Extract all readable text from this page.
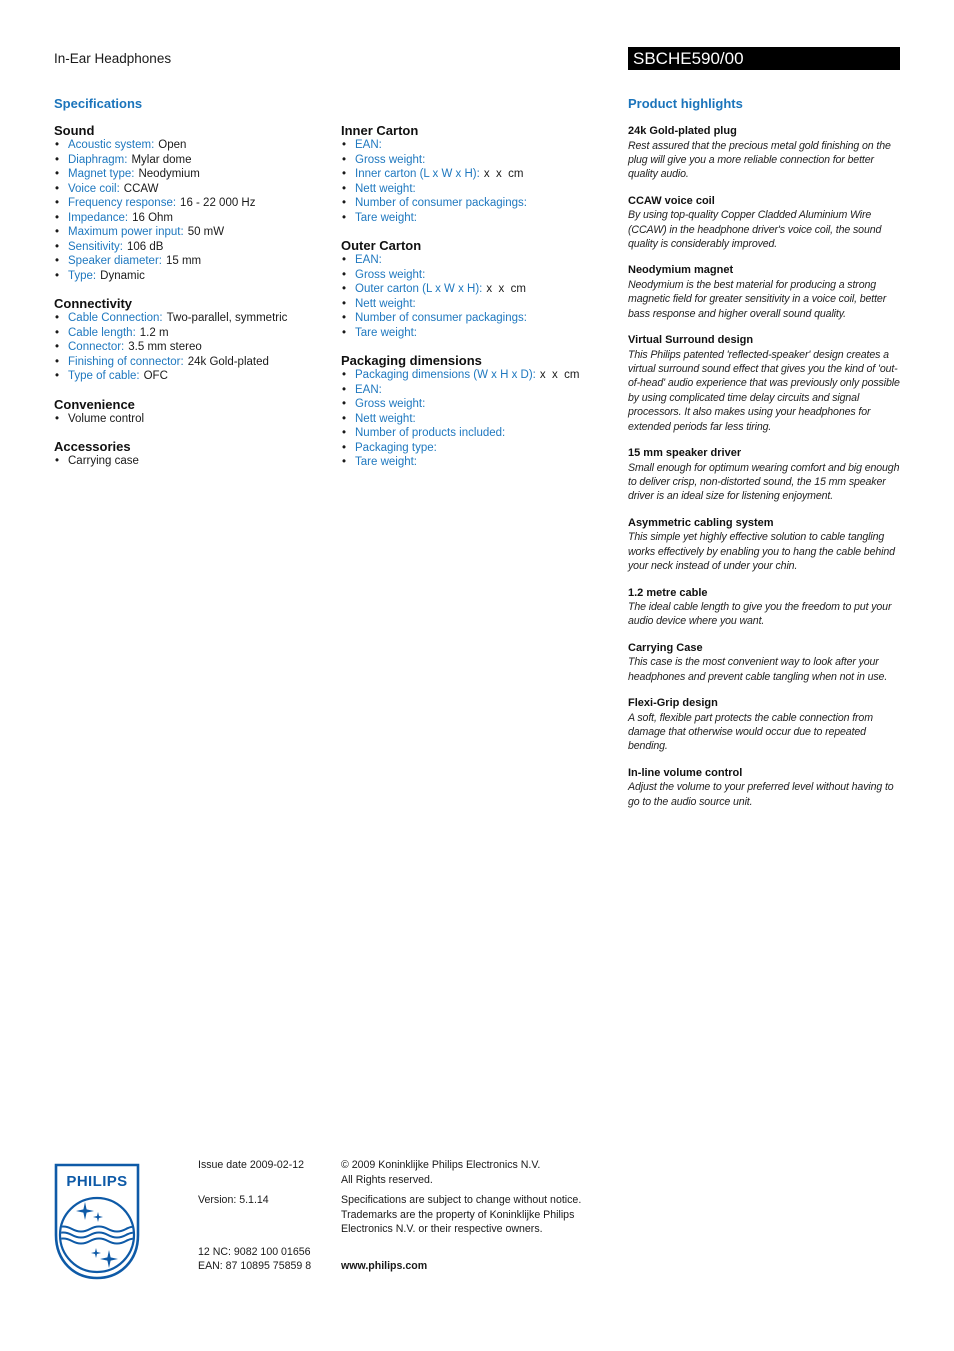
In-Ear Headphones	SBCHE590/00
Specifications	Product highlights
Sound
• Acoustic system: Open
• Diaphragm: Mylar dome
• Magnet type: Neodymium
• Voice coil: CCAW
• Frequency response: 16 - 22 000 Hz
• Impedance: 16 Ohm
• Maximum power input: 50 mW
• Sensitivity: 106 dB
• Speaker diameter: 15 mm
• Type: Dynamic
Connectivity
• Cable Connection: Two-parallel, symmetric
• Cable length: 1.2 m
• Connector: 3.5 mm stereo
• Finishing of connector: 24k Gold-plated
• Type of cable: OFC
Convenience
• Volume control
Accessories
• Carrying case
Inner Carton
• EAN:
• Gross weight:
• Inner carton (L x W x H): x  x  cm
• Nett weight:
• Number of consumer packagings:
• Tare weight:
Outer Carton
• EAN:
• Gross weight:
• Outer carton (L x W x H): x  x  cm
• Nett weight:
• Number of consumer packagings:
• Tare weight:
Packaging dimensions
• Packaging dimensions (W x H x D): x  x  cm
• EAN:
• Gross weight:
• Nett weight:
• Number of products included:
• Packaging type:
• Tare weight:
24k Gold-plated plug
Rest assured that the precious metal gold finishing on the plug will give you a more reliable connection for better quality audio.
CCAW voice coil
By using top-quality Copper Cladded Aluminium Wire (CCAW) in the headphone driver's voice coil, the sound quality is considerably improved.
Neodymium magnet
Neodymium is the best material for producing a strong magnetic field for greater sensitivity in a voice coil, better bass response and higher overall sound quality.
Virtual Surround design
This Philips patented 'reflected-speaker' design creates a virtual surround sound effect that gives you the kind of 'out-of-head' audio experience that was previously only possible by using complicated time delay circuits and signal processors. It also makes using your headphones for extended periods far less tiring.
15 mm speaker driver
Small enough for optimum wearing comfort and big enough to deliver crisp, non-distorted sound, the 15 mm speaker driver is an ideal size for listening enjoyment.
Asymmetric cabling system
This simple yet highly effective solution to cable tangling works effectively by enabling you to hang the cable behind your neck instead of under your chin.
1.2 metre cable
The ideal cable length to give you the freedom to put your audio device where you want.
Carrying Case
This case is the most convenient way to look after your headphones and prevent cable tangling when not in use.
Flexi-Grip design
A soft, flexible part protects the cable connection from damage that otherwise would occur due to repeated bending.
In-line volume control
Adjust the volume to your preferred level without having to go to the audio source unit.
PHILIPS
Issue date 2009-02-12
Version: 5.1.14
12 NC: 9082 100 01656
EAN: 87 10895 75859 8
© 2009 Koninklijke Philips Electronics N.V.
All Rights reserved.
Specifications are subject to change without notice.
Trademarks are the property of Koninklijke Philips
Electronics N.V. or their respective owners.
www.philips.com
